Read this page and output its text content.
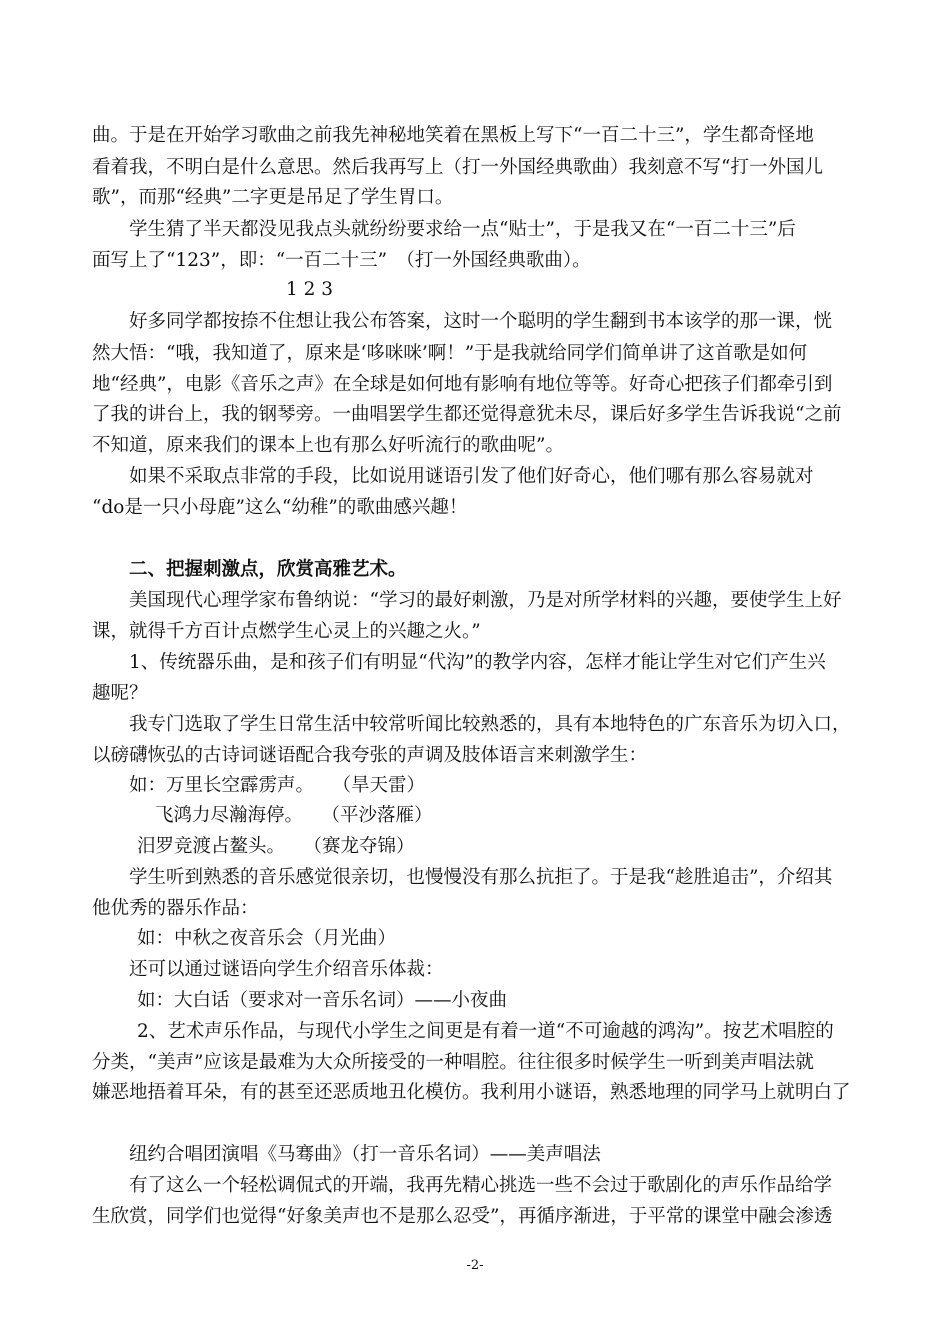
曲。于是在开始学习歌曲之前我先神秘地笑着在黑板上写下“一百二十三”，学生都奇怪地
看着我，不明白是什么意思。然后我再写上（打一外国经典歌曲）我刻意不写“打一外国儿
歌”，而那“经典”二字更是吊足了学生胃口。
学生猜了半天都没见我点头就纷纷要求给一点“贴士”，于是我又在“一百二十三”后
面写上了“123”，即：“一百二十三”　（打一外国经典歌曲）。
1 2 3
好多同学都按捺不住想让我公布答案，这时一个聪明的学生翻到书本该学的那一课，恍
然大悟：“哦，我知道了，原来是‘哆咪咪’啊！”于是我就给同学们简单讲了这首歌是如何
地“经典”，电影《音乐之声》在全球是如何地有影响有地位等等。好奇心把孩子们都牵引到
了我的讲台上，我的钢琴旁。一曲唱罢学生都还觉得意犹未尽，课后好多学生告诉我说“之前
不知道，原来我们的课本上也有那么好听流行的歌曲呢”。
如果不采取点非常的手段，比如说用谜语引发了他们好奇心，他们哪有那么容易就对
“do是一只小母鹿”这么“幼稚”的歌曲感兴趣！
二、把握刺激点，欣赏高雅艺术。
美国现代心理学家布鲁纳说：“学习的最好刺激，乃是对所学材料的兴趣，要使学生上好
课，就得千方百计点燃学生心灵上的兴趣之火。”
1、传统器乐曲，是和孩子们有明显“代沟”的教学内容，怎样才能让学生对它们产生兴
趣呢？
我专门选取了学生日常生活中较常听闻比较熟悉的，具有本地特色的广东音乐为切入口，
以磅礴恢弘的古诗词谜语配合我夸张的声调及肢体语言来刺激学生：
如：万里长空霹雳声。　　（旱天雷）
飞鸿力尽瀚海停。　　（平沙落雁）
汨罗竞渡占鳌头。　　（赛龙夺锦）
学生听到熟悉的音乐感觉很亲切，也慢慢没有那么抗拒了。于是我“趁胜追击”，介绍其
他优秀的器乐作品：
如：中秋之夜音乐会（月光曲）
还可以通过谜语向学生介绍音乐体裁：
如：大白话（要求对一音乐名词）——小夜曲
2、艺术声乐作品，与现代小学生之间更是有着一道“不可逾越的鸿沟”。按艺术唱腔的
分类，“美声”应该是最难为大众所接受的一种唱腔。往往很多时候学生一听到美声唱法就
嫌恶地捂着耳朵，有的甚至还恶质地丑化模仿。我利用小谜语，熟悉地理的同学马上就明白了
纽约合唱团演唱《马骞曲》（打一音乐名词）——美声唱法
有了这么一个轻松调侃式的开端，我再先精心挑选一些不会过于歌剧化的声乐作品给学
生欣赏，同学们也觉得“好象美声也不是那么忍受”，再循序渐进，于平常的课堂中融会渗透
-2-
